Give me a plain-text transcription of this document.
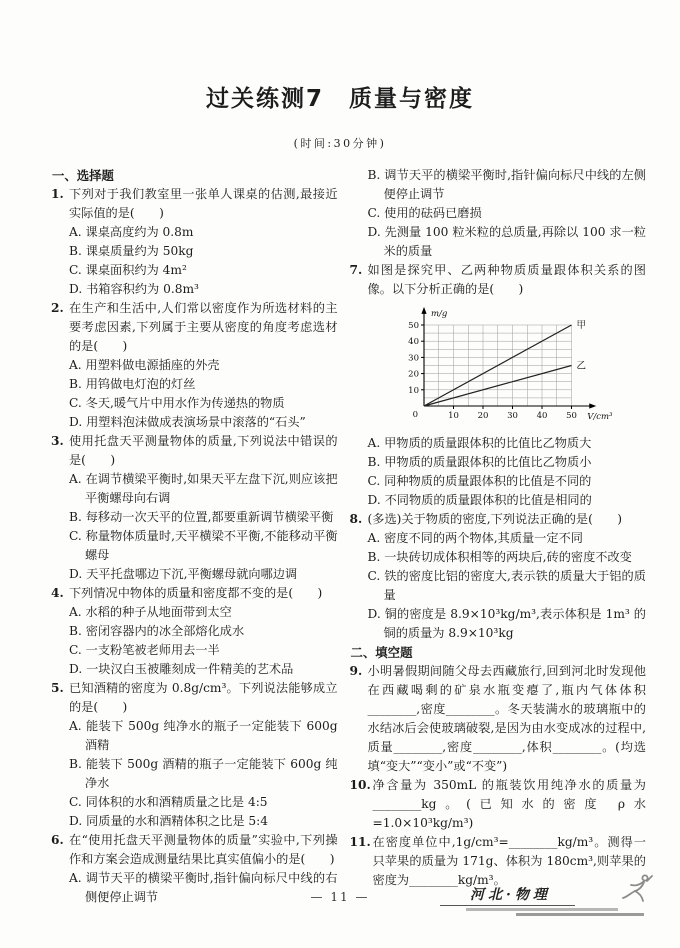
过关练测7　质量与密度
(时间:30分钟)
一、选择题
1. 下列对于我们教室里一张单人课桌的估测,最接近实际值的是(　　)
A. 课桌高度约为 0.8m
B. 课桌质量约为 50kg
C. 课桌面积约为 4m²
D. 书箱容积约为 0.8m³
2. 在生产和生活中,人们常以密度作为所选材料的主要考虑因素,下列属于主要从密度的角度考虑选材的是(　　)
A. 用塑料做电源插座的外壳
B. 用钨做电灯泡的灯丝
C. 冬天,暖气片中用水作为传递热的物质
D. 用塑料泡沫做成表演场景中滚落的“石头”
3. 使用托盘天平测量物体的质量,下列说法中错误的是(　　)
A. 在调节横梁平衡时,如果天平左盘下沉,则应该把平衡螺母向右调
B. 每移动一次天平的位置,都要重新调节横梁平衡
C. 称量物体质量时,天平横梁不平衡,不能移动平衡螺母
D. 天平托盘哪边下沉,平衡螺母就向哪边调
4. 下列情况中物体的质量和密度都不变的是(　　)
A. 水稻的种子从地面带到太空
B. 密闭容器内的冰全部熔化成水
C. 一支粉笔被老师用去一半
D. 一块汉白玉被雕刻成一件精美的艺术品
5. 已知酒精的密度为 0.8g/cm³。下列说法能够成立的是(　　)
A. 能装下 500g 纯净水的瓶子一定能装下 600g 酒精
B. 能装下 500g 酒精的瓶子一定能装下 600g 纯净水
C. 同体积的水和酒精质量之比是 4:5
D. 同质量的水和酒精体积之比是 5:4
6. 在“使用托盘天平测量物体的质量”实验中,下列操作和方案会造成测量结果比真实值偏小的是(　　)
A. 调节天平的横梁平衡时,指针偏向标尺中线的右侧便停止调节
B. 调节天平的横梁平衡时,指针偏向标尺中线的左侧便停止调节
C. 使用的砝码已磨损
D. 先测量 100 粒米粒的总质量,再除以 100 求一粒米的质量
7. 如图是探究甲、乙两种物质质量跟体积关系的图像。以下分析正确的是(　　)
10 20 30 40 50
10
20
30
40
50
0
m/g
V/cm³
甲
乙
A. 甲物质的质量跟体积的比值比乙物质大
B. 甲物质的质量跟体积的比值比乙物质小
C. 同种物质的质量跟体积的比值是不同的
D. 不同物质的质量跟体积的比值是相同的
8. (多选)关于物质的密度,下列说法正确的是(　　)
A. 密度不同的两个物体,其质量一定不同
B. 一块砖切成体积相等的两块后,砖的密度不改变
C. 铁的密度比铝的密度大,表示铁的质量大于铝的质量
D. 铜的密度是 8.9×10³kg/m³,表示体积是 1m³ 的铜的质量为 8.9×10³kg
二、填空题
9. 小明暑假期间随父母去西藏旅行,回到河北时发现他在西藏喝剩的矿泉水瓶变瘪了,瓶内气体体积________,密度________。冬天装满水的玻璃瓶中的水结冰后会使玻璃破裂,是因为由水变成冰的过程中,质量________,密度________,体积________。(均选填“变大”“变小”或“不变”)
10. 净含量为 350mL 的瓶装饮用纯净水的质量为________kg。(已知水的密度 ρ水=1.0×10³kg/m³)
11. 在密度单位中,1g/cm³=________kg/m³。测得一只苹果的质量为 171g、体积为 180cm³,则苹果的密度为________kg/m³。
— 11 —	河北·物理
